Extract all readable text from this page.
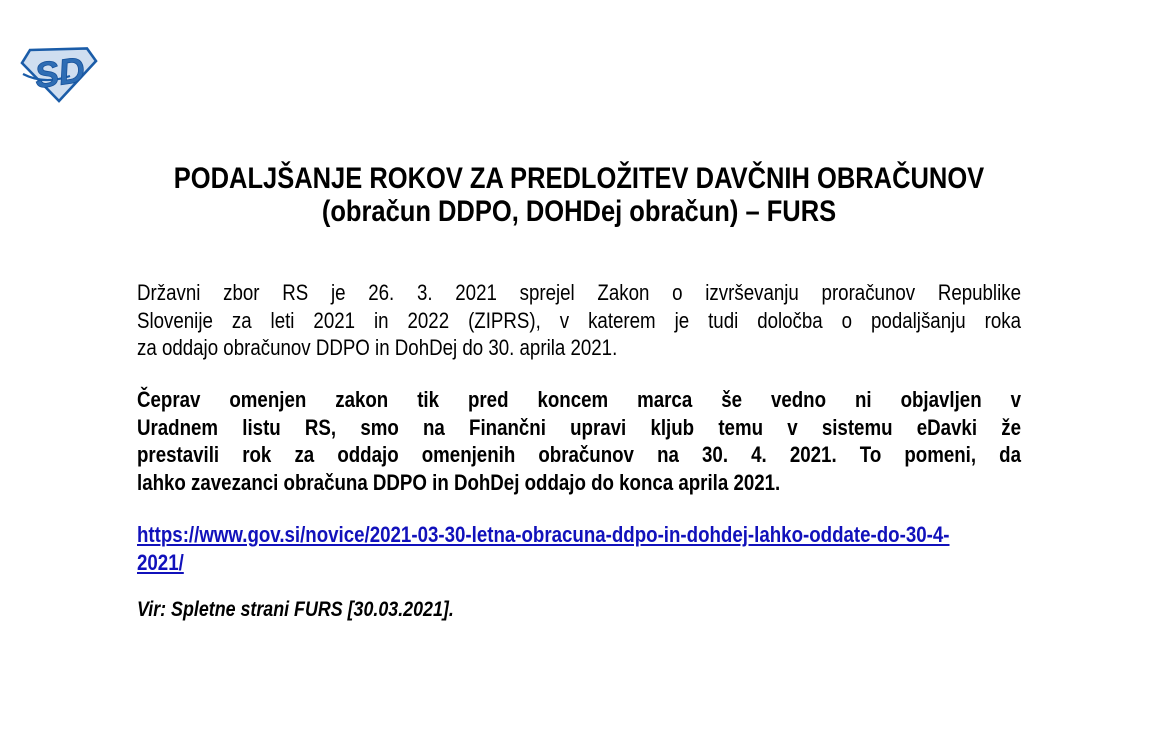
SD
PODALJŠANJE ROKOV ZA PREDLOŽITEV DAVČNIH OBRAČUNOV
(obračun DDPO, DOHDej obračun) – FURS
Državni zbor RS je 26. 3. 2021 sprejel Zakon o izvrševanju proračunov Republike
Slovenije za leti 2021 in 2022 (ZIPRS), v katerem je tudi določba o podaljšanju roka
za oddajo obračunov DDPO in DohDej do 30. aprila 2021.
Čeprav omenjen zakon tik pred koncem marca še vedno ni objavljen v
Uradnem listu RS, smo na Finančni upravi kljub temu v sistemu eDavki že
prestavili rok za oddajo omenjenih obračunov na 30. 4. 2021. To pomeni, da
lahko zavezanci obračuna DDPO in DohDej oddajo do konca aprila 2021.
https://www.gov.si/novice/2021-03-30-letna-obracuna-ddpo-in-dohdej-lahko-oddate-do-30-4-
2021/
Vir: Spletne strani FURS [30.03.2021].
